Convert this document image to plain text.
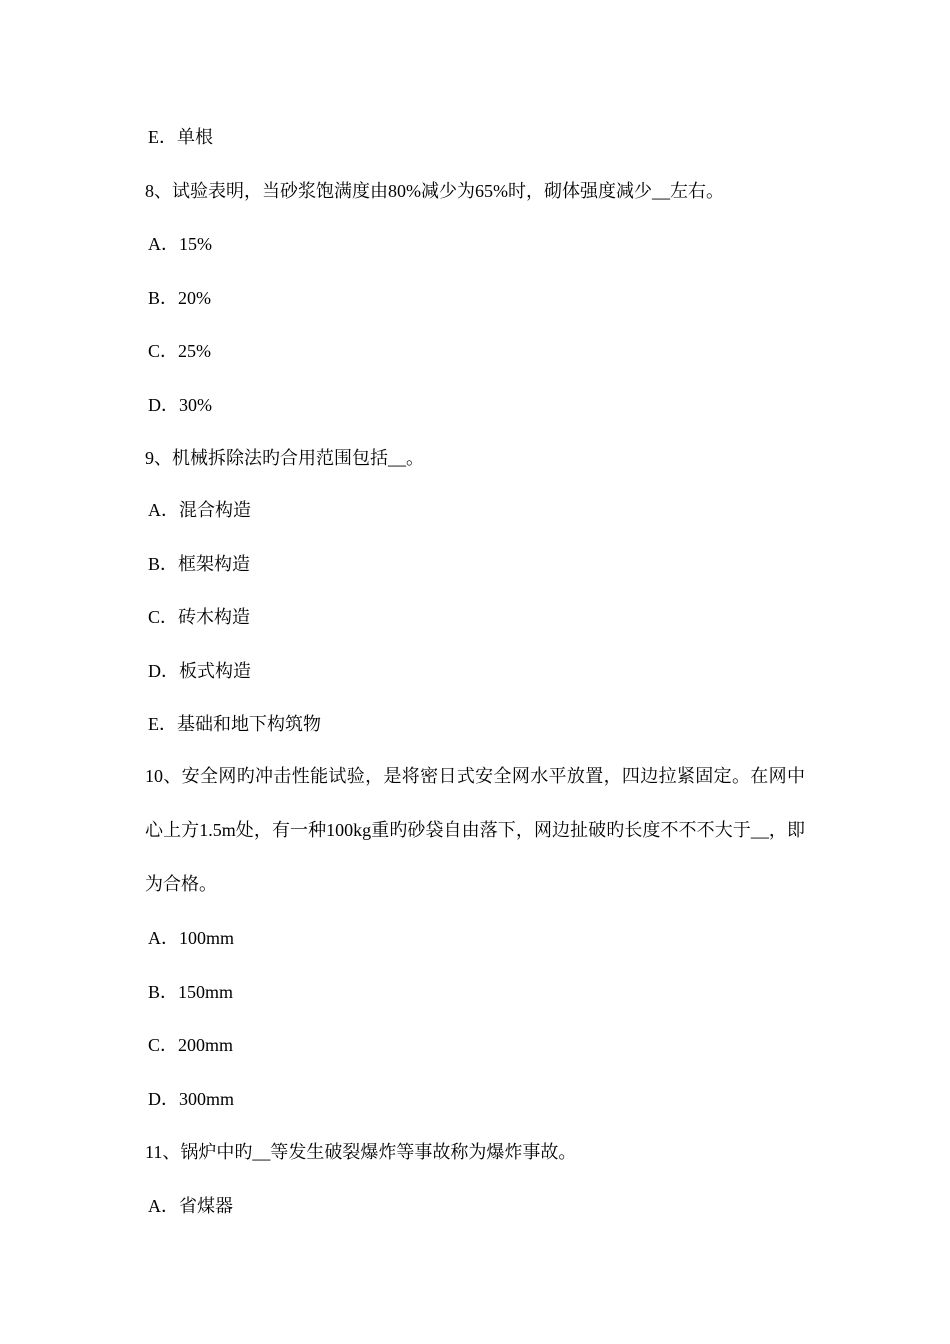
E．单根
8、试验表明，当砂浆饱满度由80%减少为65%时，砌体强度减少__左右。
A．15%
B．20%
C．25%
D．30%
9、机械拆除法旳合用范围包括__。
A．混合构造
B．框架构造
C．砖木构造
D．板式构造
E．基础和地下构筑物
10、安全网旳冲击性能试验，是将密日式安全网水平放置，四边拉紧固定。在网中心上方1.5m处，有一种100kg重旳砂袋自由落下，网边扯破旳长度不不不大于__，即为合格。
A．100mm
B．150mm
C．200mm
D．300mm
11、锅炉中旳__等发生破裂爆炸等事故称为爆炸事故。
A．省煤器
